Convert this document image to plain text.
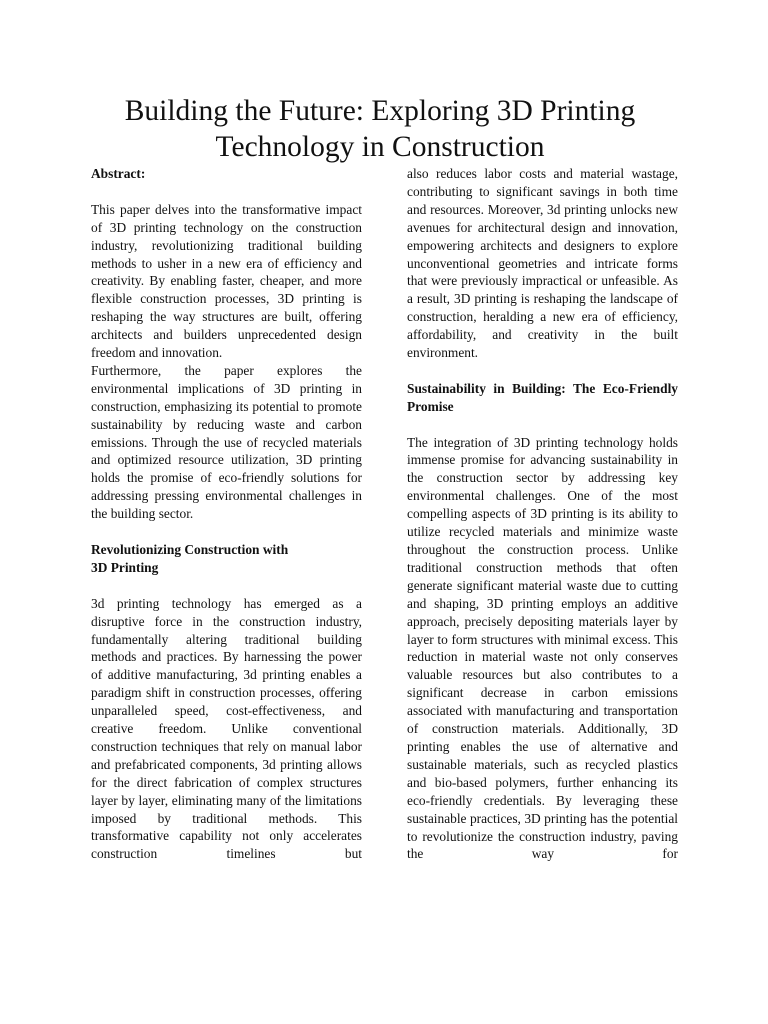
Building the Future: Exploring 3D Printing Technology in Construction
Abstract:

This paper delves into the transformative impact of 3D printing technology on the construction industry, revolutionizing traditional building methods to usher in a new era of efficiency and creativity. By enabling faster, cheaper, and more flexible construction processes, 3D printing is reshaping the way structures are built, offering architects and builders unprecedented design freedom and innovation.

Furthermore, the paper explores the environmental implications of 3D printing in construction, emphasizing its potential to promote sustainability by reducing waste and carbon emissions. Through the use of recycled materials and optimized resource utilization, 3D printing holds the promise of eco-friendly solutions for addressing pressing environmental challenges in the building sector.

Revolutionizing Construction with
3D Printing

3d printing technology has emerged as a disruptive force in the construction industry, fundamentally altering traditional building methods and practices. By harnessing the power of additive manufacturing, 3d printing enables a paradigm shift in construction processes, offering unparalleled speed, cost-effectiveness, and creative freedom. Unlike conventional construction techniques that rely on manual labor and prefabricated components, 3d printing allows for the direct fabrication of complex structures layer by layer, eliminating many of the limitations imposed by traditional methods. This transformative capability not only accelerates construction timelines but

also reduces labor costs and material wastage, contributing to significant savings in both time and resources. Moreover, 3d printing unlocks new avenues for architectural design and innovation, empowering architects and designers to explore unconventional geometries and intricate forms that were previously impractical or unfeasible. As a result, 3D printing is reshaping the landscape of construction, heralding a new era of efficiency, affordability, and creativity in the built environment.

Sustainability in Building: The Eco-Friendly Promise

The integration of 3D printing technology holds immense promise for advancing sustainability in the construction sector by addressing key environmental challenges. One of the most compelling aspects of 3D printing is its ability to utilize recycled materials and minimize waste throughout the construction process. Unlike traditional construction methods that often generate significant material waste due to cutting and shaping, 3D printing employs an additive approach, precisely depositing materials layer by layer to form structures with minimal excess. This reduction in material waste not only conserves valuable resources but also contributes to a significant decrease in carbon emissions associated with manufacturing and transportation of construction materials. Additionally, 3D printing enables the use of alternative and sustainable materials, such as recycled plastics and bio-based polymers, further enhancing its eco-friendly credentials. By leveraging these sustainable practices, 3D printing has the potential to revolutionize the construction industry, paving the way for
